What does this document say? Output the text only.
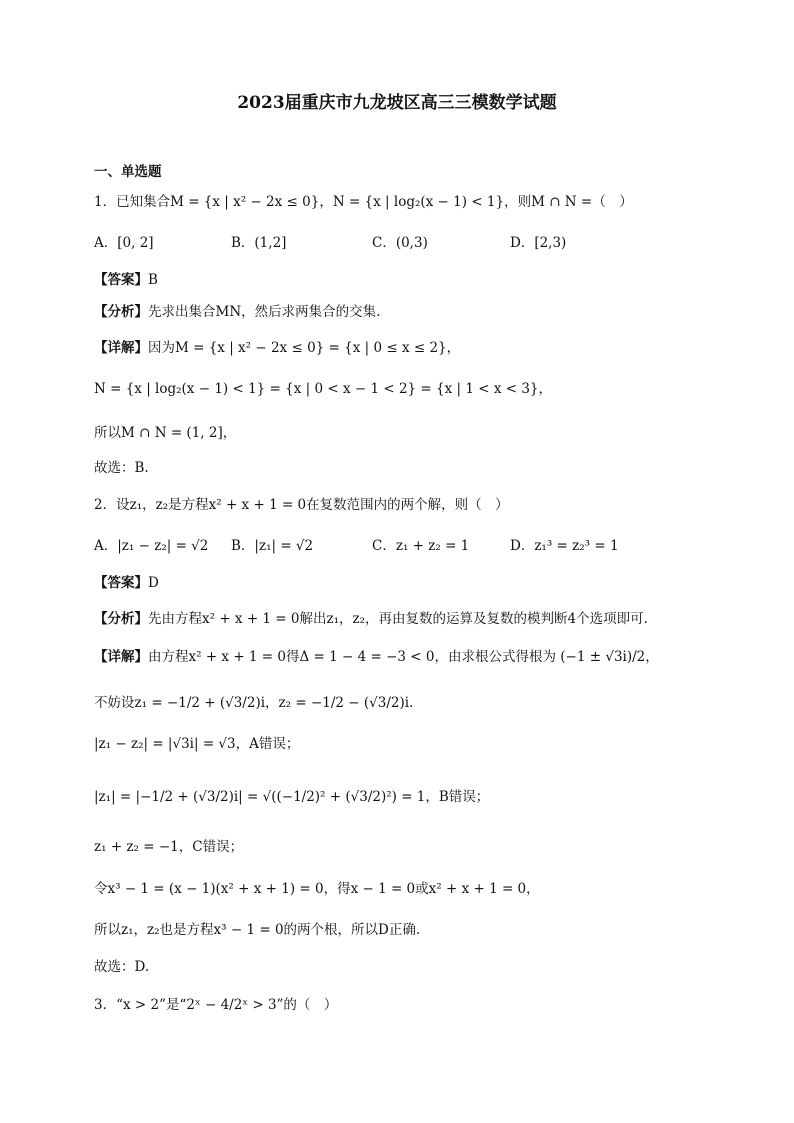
2023届重庆市九龙坡区高三三模数学试题
一、单选题
1．已知集合M = {x | x² − 2x ≤ 0}，N = {x | log₂(x − 1) < 1}，则M ∩ N =（　）
A．[0, 2]	B．(1,2]	C．(0,3)	D．[2,3)
【答案】B
【分析】先求出集合MN，然后求两集合的交集.
【详解】因为M = {x | x² − 2x ≤ 0} = {x | 0 ≤ x ≤ 2}，
N = {x | log₂(x − 1) < 1} = {x | 0 < x − 1 < 2} = {x | 1 < x < 3}，
所以M ∩ N = (1, 2]，
故选：B.
2．设z₁，z₂是方程x² + x + 1 = 0在复数范围内的两个解，则（　）
A．|z₁ − z₂| = √2 B．|z₁| = √2	C．z₁ + z₂ = 1	D．z₁³ = z₂³ = 1
【答案】D
【分析】先由方程x² + x + 1 = 0解出z₁，z₂，再由复数的运算及复数的模判断4个选项即可.
【详解】由方程x² + x + 1 = 0得Δ = 1 − 4 = −3 < 0，由求根公式得根为 (−1 ± √3i)/2，
不妨设z₁ = −1/2 + (√3/2)i，z₂ = −1/2 − (√3/2)i.
|z₁ − z₂| = |√3i| = √3，A错误；
|z₁| = |−1/2 + (√3/2)i| = √((−1/2)² + (√3/2)²) = 1，B错误；
z₁ + z₂ = −1，C错误；
令x³ − 1 = (x − 1)(x² + x + 1) = 0，得x − 1 = 0或x² + x + 1 = 0，
所以z₁，z₂也是方程x³ − 1 = 0的两个根，所以D正确.
故选：D.
3．“x > 2”是“2ˣ − 4/2ˣ > 3”的（　）
